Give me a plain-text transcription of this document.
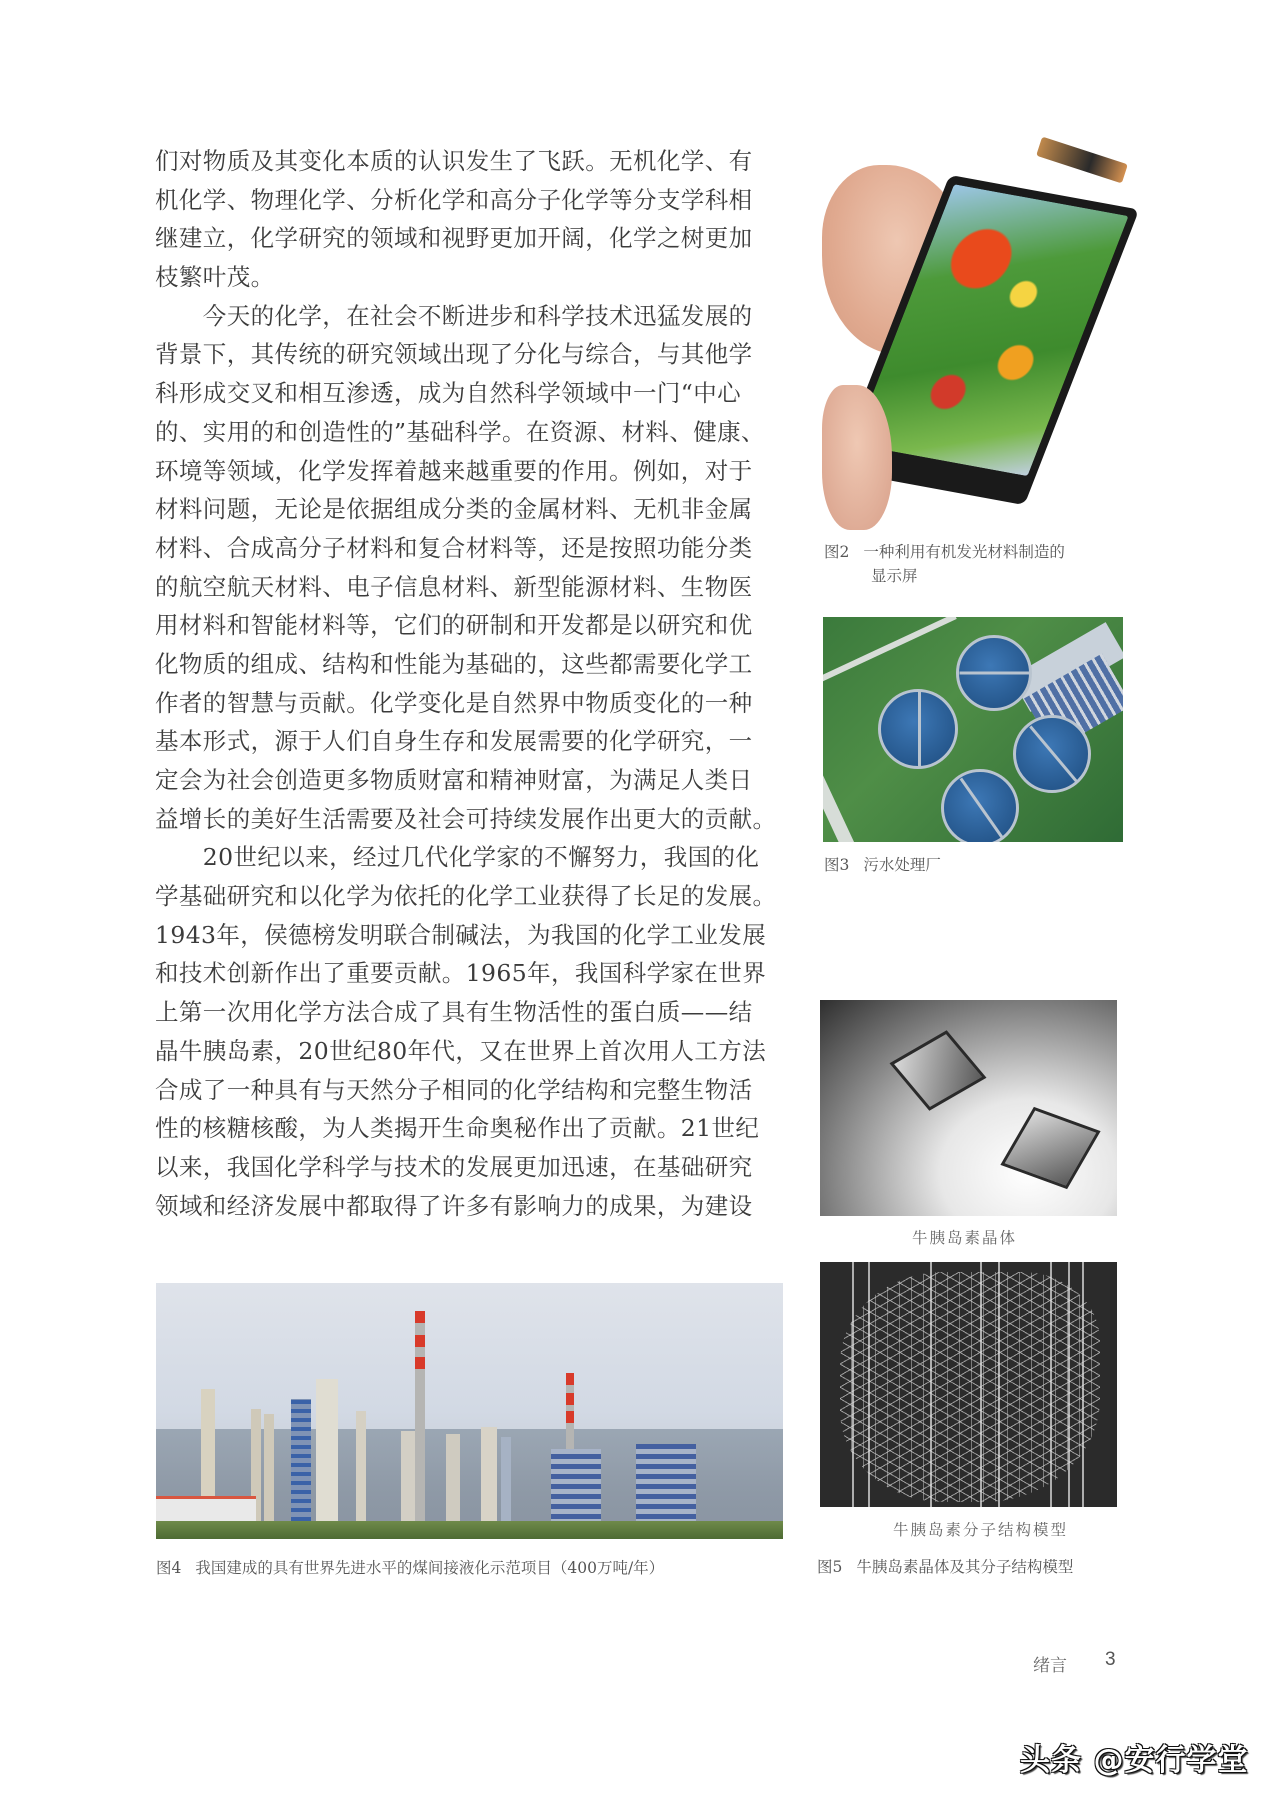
们对物质及其变化本质的认识发生了飞跃。无机化学、有
机化学、物理化学、分析化学和高分子化学等分支学科相
继建立，化学研究的领域和视野更加开阔，化学之树更加
枝繁叶茂。
　　今天的化学，在社会不断进步和科学技术迅猛发展的
背景下，其传统的研究领域出现了分化与综合，与其他学
科形成交叉和相互渗透，成为自然科学领域中一门“中心
的、实用的和创造性的”基础科学。在资源、材料、健康、
环境等领域，化学发挥着越来越重要的作用。例如，对于
材料问题，无论是依据组成分类的金属材料、无机非金属
材料、合成高分子材料和复合材料等，还是按照功能分类
的航空航天材料、电子信息材料、新型能源材料、生物医
用材料和智能材料等，它们的研制和开发都是以研究和优
化物质的组成、结构和性能为基础的，这些都需要化学工
作者的智慧与贡献。化学变化是自然界中物质变化的一种
基本形式，源于人们自身生存和发展需要的化学研究，一
定会为社会创造更多物质财富和精神财富，为满足人类日
益增长的美好生活需要及社会可持续发展作出更大的贡献。
　　20世纪以来，经过几代化学家的不懈努力，我国的化
学基础研究和以化学为依托的化学工业获得了长足的发展。
1943年，侯德榜发明联合制碱法，为我国的化学工业发展
和技术创新作出了重要贡献。1965年，我国科学家在世界
上第一次用化学方法合成了具有生物活性的蛋白质——结
晶牛胰岛素，20世纪80年代，又在世界上首次用人工方法
合成了一种具有与天然分子相同的化学结构和完整生物活
性的核糖核酸，为人类揭开生命奥秘作出了贡献。21世纪
以来，我国化学科学与技术的发展更加迅速，在基础研究
领域和经济发展中都取得了许多有影响力的成果，为建设
图2 一种利用有机发光材料制造的
显示屏
图3 污水处理厂
图4 我国建成的具有世界先进水平的煤间接液化示范项目（400万吨/年）
牛胰岛素晶体
牛胰岛素分子结构模型
图5 牛胰岛素晶体及其分子结构模型
绪言 3
头条 @安行学堂
